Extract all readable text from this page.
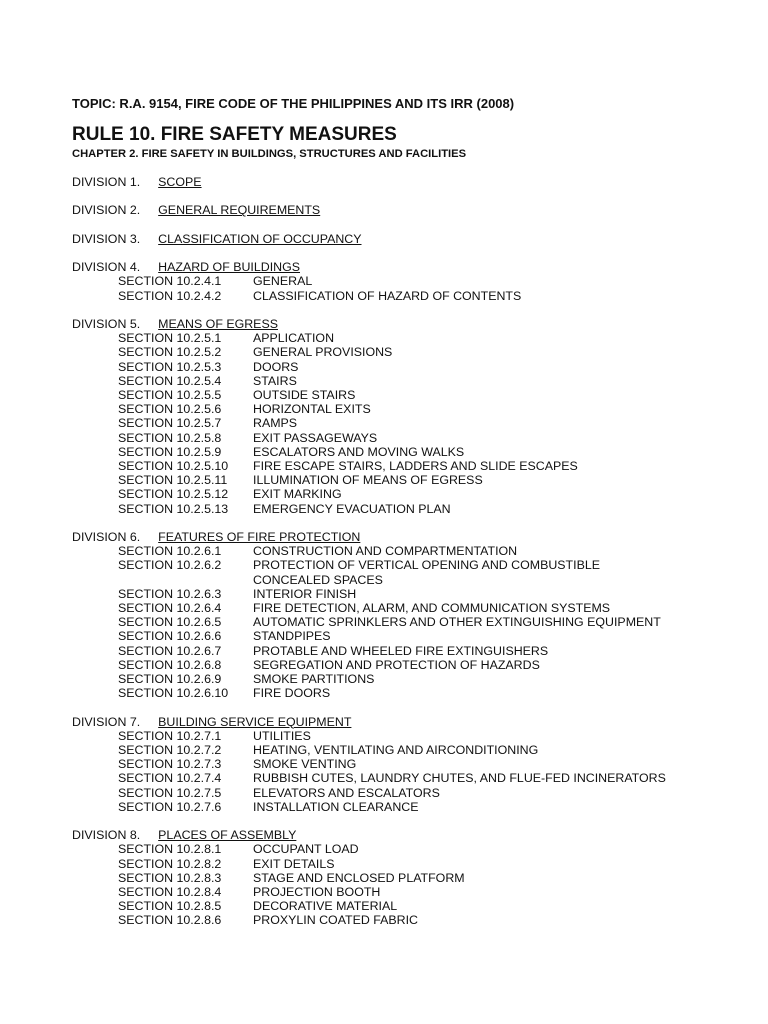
TOPIC: R.A. 9154, FIRE CODE OF THE PHILIPPINES AND ITS IRR (2008)

RULE 10. FIRE SAFETY MEASURES
CHAPTER 2. FIRE SAFETY IN BUILDINGS, STRUCTURES AND FACILITIES
DIVISION 1. SCOPE
DIVISION 2. GENERAL REQUIREMENTS
DIVISION 3. CLASSIFICATION OF OCCUPANCY
DIVISION 4. HAZARD OF BUILDINGS
SECTION 10.2.4.1	GENERAL
SECTION 10.2.4.2	CLASSIFICATION OF HAZARD OF CONTENTS
DIVISION 5. MEANS OF EGRESS
SECTION 10.2.5.1	APPLICATION
SECTION 10.2.5.2	GENERAL PROVISIONS
SECTION 10.2.5.3	DOORS
SECTION 10.2.5.4	STAIRS
SECTION 10.2.5.5	OUTSIDE STAIRS
SECTION 10.2.5.6	HORIZONTAL EXITS
SECTION 10.2.5.7	RAMPS
SECTION 10.2.5.8	EXIT PASSAGEWAYS
SECTION 10.2.5.9	ESCALATORS AND MOVING WALKS
SECTION 10.2.5.10	FIRE ESCAPE STAIRS, LADDERS AND SLIDE ESCAPES
SECTION 10.2.5.11	ILLUMINATION OF MEANS OF EGRESS
SECTION 10.2.5.12	EXIT MARKING
SECTION 10.2.5.13	EMERGENCY EVACUATION PLAN
DIVISION 6. FEATURES OF FIRE PROTECTION
SECTION 10.2.6.1	CONSTRUCTION AND COMPARTMENTATION
SECTION 10.2.6.2	PROTECTION OF VERTICAL OPENING AND COMBUSTIBLE CONCEALED SPACES
SECTION 10.2.6.3	INTERIOR FINISH
SECTION 10.2.6.4	FIRE DETECTION, ALARM, AND COMMUNICATION SYSTEMS
SECTION 10.2.6.5	AUTOMATIC SPRINKLERS AND OTHER EXTINGUISHING EQUIPMENT
SECTION 10.2.6.6	STANDPIPES
SECTION 10.2.6.7	PROTABLE AND WHEELED FIRE EXTINGUISHERS
SECTION 10.2.6.8	SEGREGATION AND PROTECTION OF HAZARDS
SECTION 10.2.6.9	SMOKE PARTITIONS
SECTION 10.2.6.10	FIRE DOORS
DIVISION 7. BUILDING SERVICE EQUIPMENT
SECTION 10.2.7.1	UTILITIES
SECTION 10.2.7.2	HEATING, VENTILATING AND AIRCONDITIONING
SECTION 10.2.7.3	SMOKE VENTING
SECTION 10.2.7.4	RUBBISH CUTES, LAUNDRY CHUTES, AND FLUE-FED INCINERATORS
SECTION 10.2.7.5	ELEVATORS AND ESCALATORS
SECTION 10.2.7.6	INSTALLATION CLEARANCE
DIVISION 8. PLACES OF ASSEMBLY
SECTION 10.2.8.1	OCCUPANT LOAD
SECTION 10.2.8.2	EXIT DETAILS
SECTION 10.2.8.3	STAGE AND ENCLOSED PLATFORM
SECTION 10.2.8.4	PROJECTION BOOTH
SECTION 10.2.8.5	DECORATIVE MATERIAL
SECTION 10.2.8.6	PROXYLIN COATED FABRIC
